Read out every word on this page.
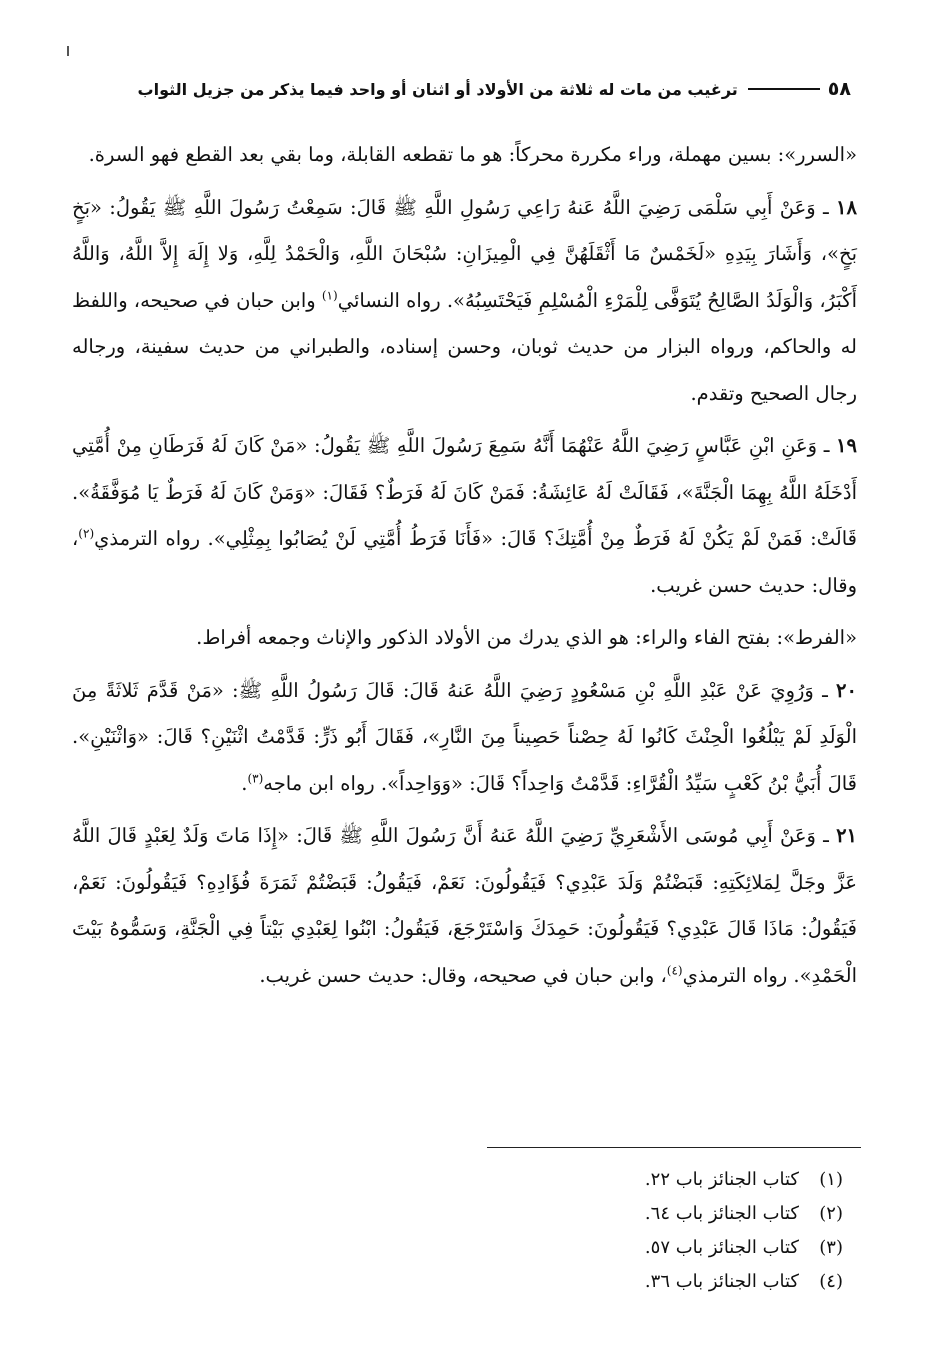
٥٨
ترغيب من مات له ثلاثة من الأولاد أو اثنان أو واحد فيما يذكر من جزيل الثواب

«السرر»: بسين مهملة، وراء مكررة محركاً: هو ما تقطعه القابلة، وما بقي بعد القطع فهو السرة.

١٨ ـ وَعَنْ أَبِي سَلْمَى رَضِيَ اللَّهُ عَنهُ رَاعِي رَسُولِ اللَّهِ ﷺ قَالَ: سَمِعْتُ رَسُولَ اللَّهِ ﷺ يَقُولُ: «بَخٍ بَخٍ»، وَأَشَارَ بِيَدِهِ «لَخَمْسٌ مَا أَثْقَلَهُنَّ فِي الْمِيزَانِ: سُبْحَانَ اللَّهِ، وَالْحَمْدُ لِلَّهِ، وَلا إِلَهَ إِلاَّ اللَّهُ، وَاللَّهُ أَكْبَرُ، وَالْوَلَدُ الصَّالِحُ يُتَوَفَّى لِلْمَرْءِ الْمُسْلِمِ فَيَحْتَسِبُهُ». رواه النسائي$^{(١)}$ وابن حبان في صحيحه، واللفظ له والحاكم، ورواه البزار من حديث ثوبان، وحسن إسناده، والطبراني من حديث سفينة، ورجاله رجال الصحيح وتقدم.

١٩ ـ وَعَنِ ابْنِ عَبَّاسٍ رَضِيَ اللَّهُ عَنْهُمَا أَنَّهُ سَمِعَ رَسُولَ اللَّهِ ﷺ يَقُولُ: «مَنْ كَانَ لَهُ فَرَطَانِ مِنْ أُمَّتِي أَدْخَلَهُ اللَّهُ بِهِمَا الْجَنَّةَ»، فَقَالَتْ لَهُ عَائِشَةُ: فَمَنْ كَانَ لَهُ فَرَطٌ؟ فَقَالَ: «وَمَنْ كَانَ لَهُ فَرَطٌ يَا مُوَفَّقَةُ». قَالَتْ: فَمَنْ لَمْ يَكُنْ لَهُ فَرَطٌ مِنْ أُمَّتِكَ؟ قَالَ: «فَأَنَا فَرَطُ أُمَّتِي لَنْ يُصَابُوا بِمِثْلِي». رواه الترمذي$^{(٢)}$، وقال: حديث حسن غريب.

«الفرط»: بفتح الفاء والراء: هو الذي يدرك من الأولاد الذكور والإناث وجمعه أفراط.

٢٠ ـ وَرُوِيَ عَنْ عَبْدِ اللَّهِ بْنِ مَسْعُودٍ رَضِيَ اللَّهُ عَنهُ قَالَ: قَالَ رَسُولُ اللَّهِ ﷺ: «مَنْ قَدَّمَ ثَلاثَةً مِنَ الْوَلَدِ لَمْ يَبْلُغُوا الْحِنْثَ كَانُوا لَهُ حِصْناً حَصِيناً مِنَ النَّارِ»، فَقَالَ أَبُو ذَرٍّ: قَدَّمْتُ اثْنَيْنِ؟ قَالَ: «وَاثْنَيْنِ». قَالَ أُبَيُّ بْنُ كَعْبٍ سَيِّدُ الْقُرَّاءِ: قَدَّمْتُ وَاحِداً؟ قَالَ: «وَوَاحِداً». رواه ابن ماجه$^{(٣)}$.

٢١ ـ وَعَنْ أَبِي مُوسَى الأَشْعَرِيِّ رَضِيَ اللَّهُ عَنهُ أَنَّ رَسُولَ اللَّهِ ﷺ قَالَ: «إِذَا مَاتَ وَلَدٌ لِعَبْدٍ قَالَ اللَّهُ عَزَّ وجَلَّ لِمَلائِكَتِهِ: قَبَضْتُمْ وَلَدَ عَبْدِي؟ فَيَقُولُونَ: نَعَمْ، فَيَقُولُ: قَبَضْتُمْ ثَمَرَةَ فُؤَادِهِ؟ فَيَقُولُونَ: نَعَمْ، فَيَقُولُ: مَاذَا قَالَ عَبْدِي؟ فَيَقُولُونَ: حَمِدَكَ وَاسْتَرْجَعَ، فَيَقُولُ: ابْنُوا لِعَبْدِي بَيْتاً فِي الْجَنَّةِ، وَسَمُّوهُ بَيْتَ الْحَمْدِ». رواه الترمذي$^{(٤)}$، وابن حبان في صحيحه، وقال: حديث حسن غريب.

(١)
كتاب الجنائز باب ٢٢.
(٢)
كتاب الجنائز باب ٦٤.
(٣)
كتاب الجنائز باب ٥٧.
(٤)
كتاب الجنائز باب ٣٦.
